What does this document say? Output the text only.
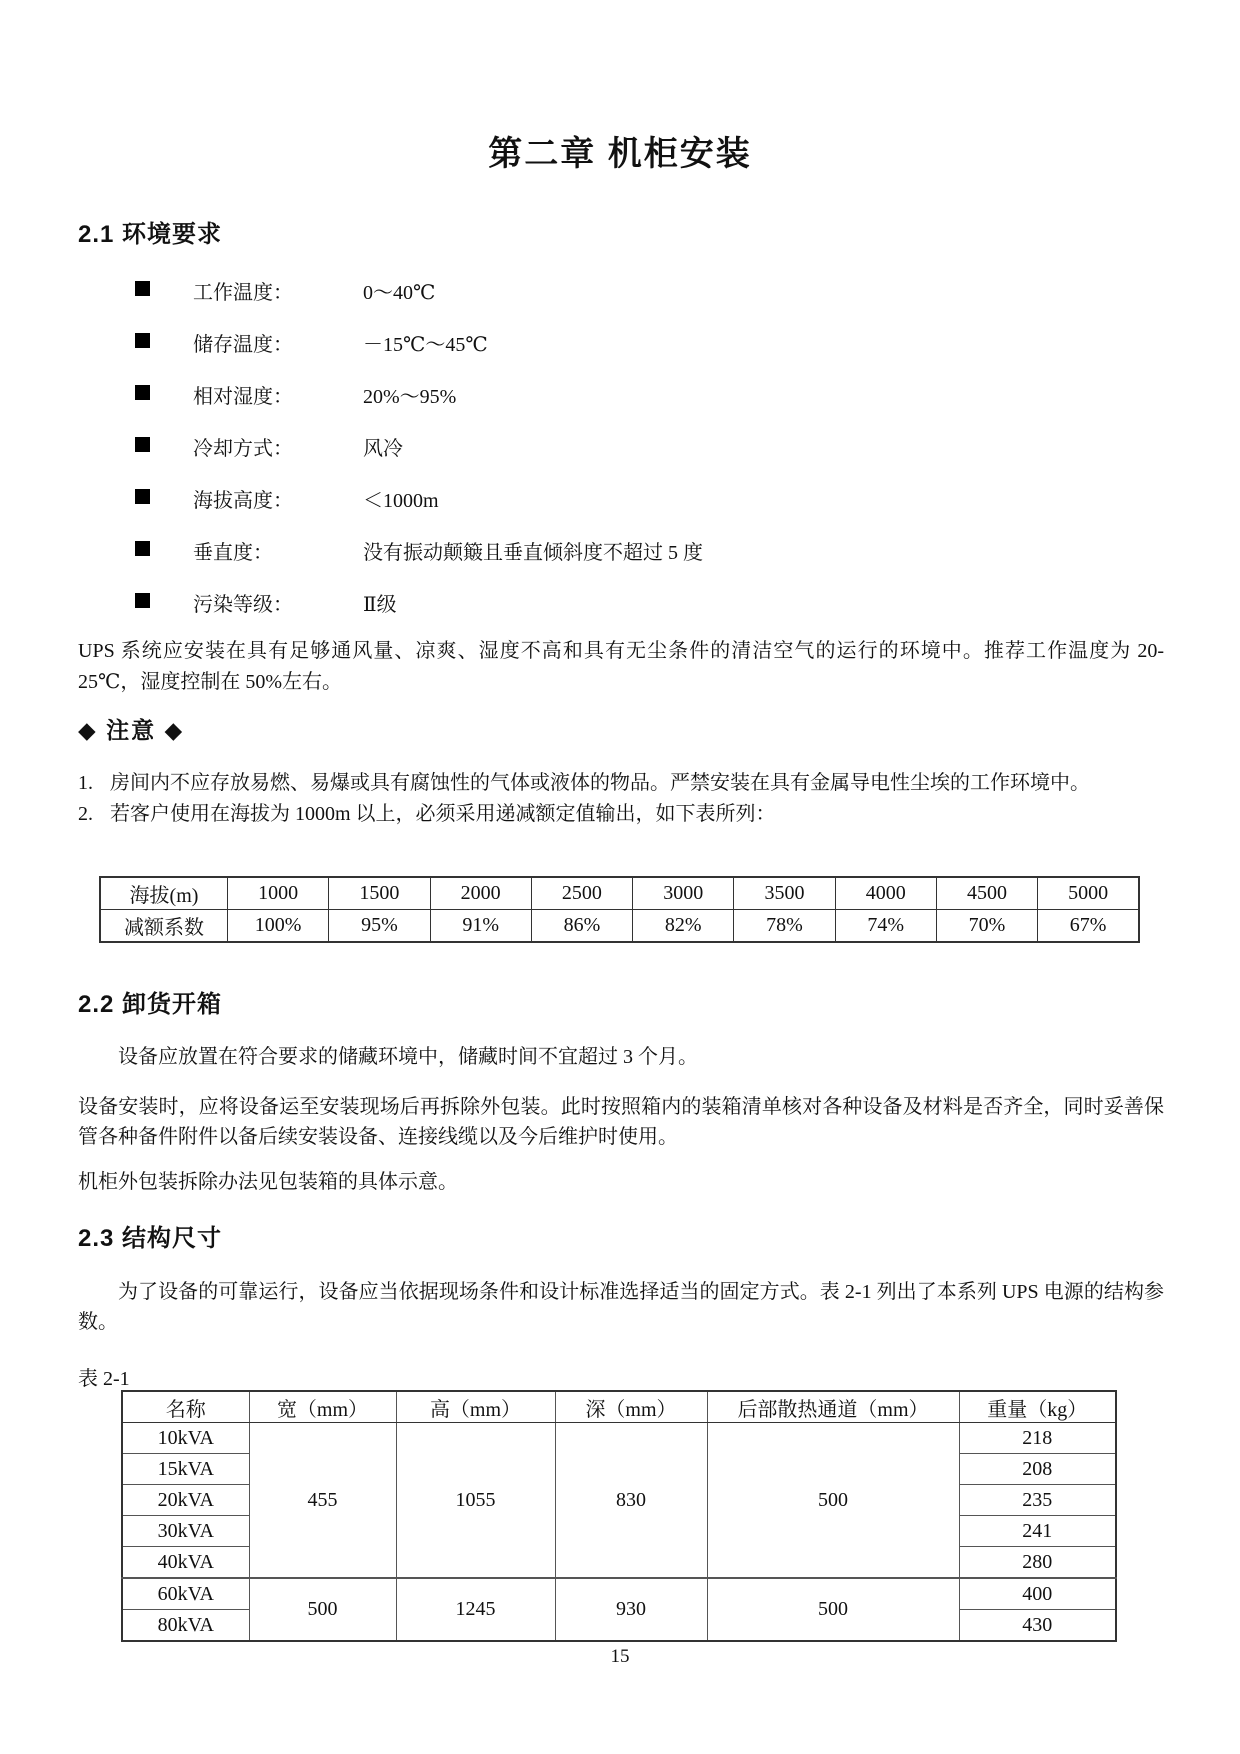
第二章 机柜安装
2.1 环境要求
工作温度：	0～40℃
储存温度：	－15℃～45℃
相对湿度：	20%～95%
冷却方式：	风冷
海拔高度：	＜1000m
垂直度：	没有振动颠簸且垂直倾斜度不超过 5 度
污染等级：	Ⅱ级
UPS 系统应安装在具有足够通风量、凉爽、湿度不高和具有无尘条件的清洁空气的运行的环境中。推荐工作温度为 20-25℃，湿度控制在 50%左右。
◆ 注意 ◆
1. 房间内不应存放易燃、易爆或具有腐蚀性的气体或液体的物品。严禁安装在具有金属导电性尘埃的工作环境中。
2. 若客户使用在海拔为 1000m 以上，必须采用递减额定值输出，如下表所列：
海拔(m)	1000	1500	2000	2500	3000	3500	4000	4500	5000
减额系数	100%	95%	91%	86%	82%	78%	74%	70%	67%
2.2 卸货开箱
设备应放置在符合要求的储藏环境中，储藏时间不宜超过 3 个月。
设备安装时，应将设备运至安装现场后再拆除外包装。此时按照箱内的装箱清单核对各种设备及材料是否齐全，同时妥善保管各种备件附件以备后续安装设备、连接线缆以及今后维护时使用。
机柜外包装拆除办法见包装箱的具体示意。
2.3 结构尺寸
为了设备的可靠运行，设备应当依据现场条件和设计标准选择适当的固定方式。表 2-1 列出了本系列 UPS 电源的结构参数。
表 2-1
名称	宽（mm）	高（mm）	深（mm）	后部散热通道（mm）	重量（kg）
10kVA	455	1055	830	500	218
15kVA					208
20kVA					235
30kVA					241
40kVA					280
60kVA	500	1245	930	500	400
80kVA					430
15
